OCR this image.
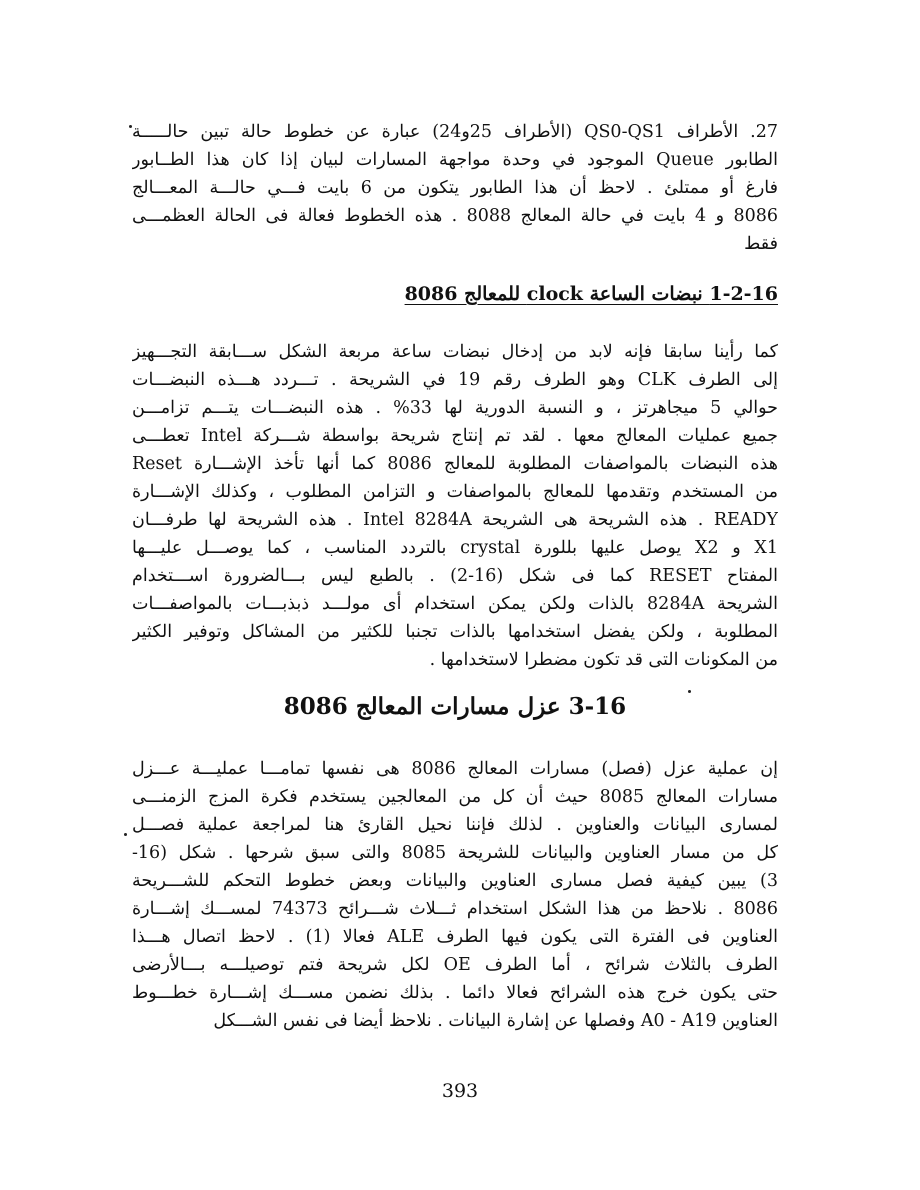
27. الأطراف QS0-QS1 (الأطراف 25و24) عبارة عن خطوط حالة تبين حالـــــة
الطابور Queue الموجود في وحدة مواجهة المسارات لبيان إذا كان هذا الطــابور
فارغ أو ممتلئ . لاحظ أن هذا الطابور يتكون من 6 بايت فـــي حالـــة المعـــالج
8086 و 4 بايت في حالة المعالج 8088 . هذه الخطوط فعالة فى الحالة العظمـــى
فقط

1-2-16 نبضات الساعة clock للمعالج 8086

كما رأينا سابقا فإنه لابد من إدخال نبضات ساعة مربعة الشكل ســـابقة التجـــهيز
إلى الطرف CLK وهو الطرف رقم 19 في الشريحة . تـــردد هـــذه النبضـــات
حوالي 5 ميجاهرتز ، و النسبة الدورية لها 33% . هذه النبضـــات يتـــم تزامـــن
جميع عمليات المعالج معها . لقد تم إنتاج شريحة بواسطة شـــركة Intel تعطـــى
هذه النبضات بالمواصفات المطلوبة للمعالج 8086 كما أنها تأخذ الإشـــارة Reset
من المستخدم وتقدمها للمعالج بالمواصفات و التزامن المطلوب ، وكذلك الإشـــارة
READY . هذه الشريحة هى الشريحة Intel 8284A . هذه الشريحة لها طرفـــان
X1 و X2 يوصل عليها بللورة crystal بالتردد المناسب ، كما يوصـــل عليـــها
المفتاح RESET كما فى شكل (16-2) . بالطبع ليس بـــالضرورة اســـتخدام
الشريحة 8284A بالذات ولكن يمكن استخدام أى مولـــد ذبذبـــات بالمواصفـــات
المطلوبة ، ولكن يفضل استخدامها بالذات تجنبا للكثير من المشاكل وتوفير الكثير
من المكونات التى قد تكون مضطرا لاستخدامها .

3-16 عزل مسارات المعالج 8086

إن عملية عزل (فصل) مسارات المعالج 8086 هى نفسها تمامـــا عمليـــة عـــزل
مسارات المعالج 8085 حيث أن كل من المعالجين يستخدم فكرة المزج الزمنـــى
لمسارى البيانات والعناوين . لذلك فإننا نحيل القارئ هنا لمراجعة عملية فصـــل
كل من مسار العناوين والبيانات للشريحة 8085 والتى سبق شرحها . شكل (16-
3) يبين كيفية فصل مسارى العناوين والبيانات وبعض خطوط التحكم للشـــريحة
8086 . نلاحظ من هذا الشكل استخدام ثـــلاث شـــرائح 74373 لمســـك إشـــارة
العناوين فى الفترة التى يكون فيها الطرف ALE فعالا (1) . لاحظ اتصال هـــذا
الطرف بالثلاث شرائح ، أما الطرف OE لكل شريحة فتم توصيلـــه بـــالأرضى
حتى يكون خرج هذه الشرائح فعالا دائما . بذلك نضمن مســـك إشـــارة خطـــوط
العناوين A0 - A19 وفصلها عن إشارة البيانات . نلاحظ أيضا فى نفس الشـــكل

393
